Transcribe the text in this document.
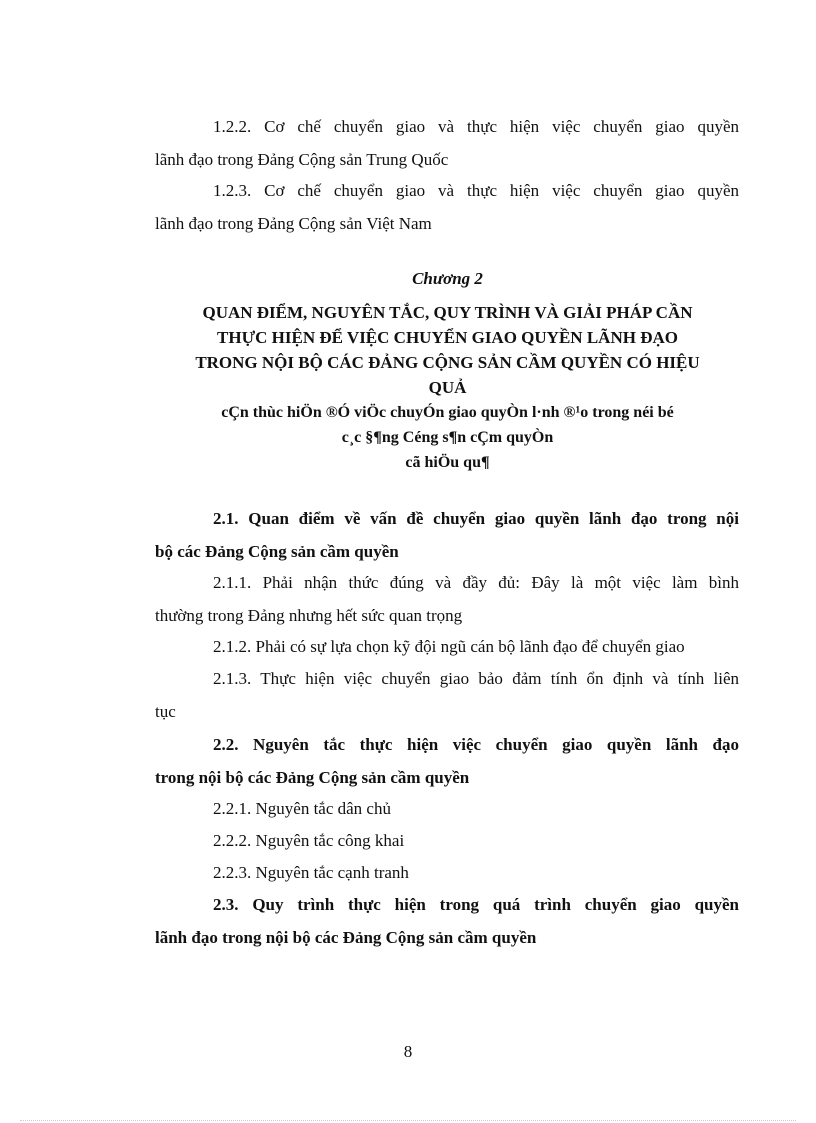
1.2.2. Cơ chế chuyển giao và thực hiện việc chuyển giao quyền
lãnh đạo trong Đảng Cộng sản Trung Quốc
1.2.3. Cơ chế chuyển giao và thực hiện việc chuyển giao quyền
lãnh đạo trong Đảng Cộng sản Việt Nam
Chương 2
QUAN ĐIỂM, NGUYÊN TẮC, QUY TRÌNH VÀ GIẢI PHÁP CẦN
THỰC HIỆN ĐỂ VIỆC CHUYỂN GIAO QUYỀN LÃNH ĐẠO
TRONG NỘI BỘ CÁC ĐẢNG CỘNG SẢN CẦM QUYỀN CÓ HIỆU
QUẢ
cÇn thùc hiÖn ®Ó viÖc chuyÓn giao quyÒn l·nh ®¹o trong néi bé
c¸c §¶ng Céng s¶n cÇm quyÒn
cã hiÖu qu¶
2.1. Quan điểm về vấn đề chuyển giao quyền lãnh đạo trong nội
bộ các Đảng Cộng sản cầm quyền
2.1.1. Phải nhận thức đúng và đầy đủ: Đây là một việc làm bình
thường trong Đảng nhưng hết sức quan trọng
2.1.2. Phải có sự lựa chọn kỹ đội ngũ cán bộ lãnh đạo để chuyển giao
2.1.3. Thực hiện việc chuyển giao bảo đảm tính ổn định và tính liên
tục
2.2. Nguyên tắc thực hiện việc chuyển giao quyền lãnh đạo
trong nội bộ các Đảng Cộng sản cầm quyền
2.2.1. Nguyên tắc dân chủ
2.2.2. Nguyên tắc công khai
2.2.3. Nguyên tắc cạnh tranh
2.3. Quy trình thực hiện trong quá trình chuyển giao quyền
lãnh đạo trong nội bộ các Đảng Cộng sản cầm quyền
8
